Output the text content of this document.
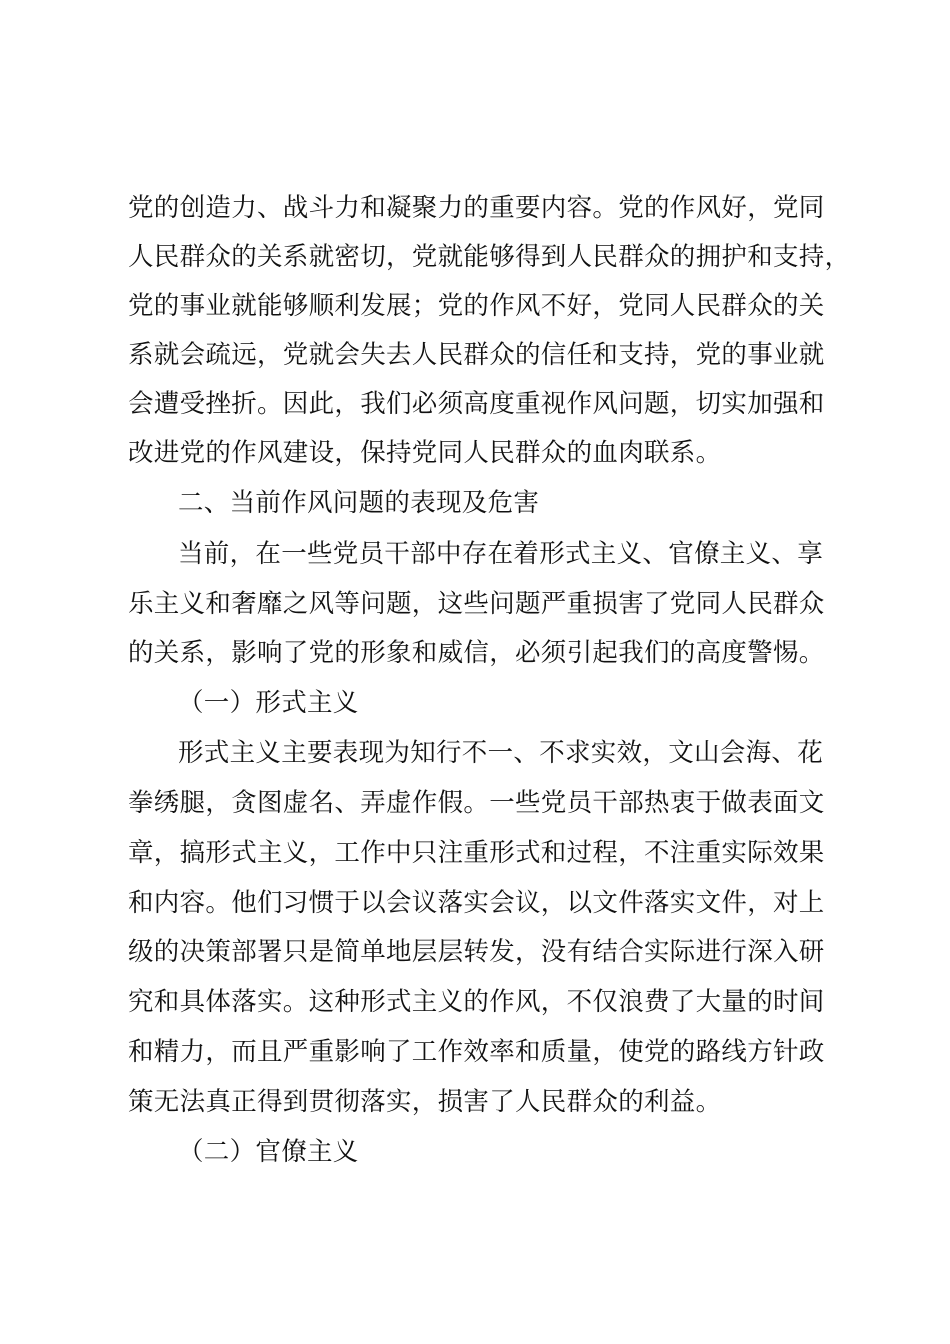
党的创造力、战斗力和凝聚力的重要内容。党的作风好，党同
人民群众的关系就密切，党就能够得到人民群众的拥护和支持，
党的事业就能够顺利发展；党的作风不好，党同人民群众的关
系就会疏远，党就会失去人民群众的信任和支持，党的事业就
会遭受挫折。因此，我们必须高度重视作风问题，切实加强和
改进党的作风建设，保持党同人民群众的血肉联系。
二、当前作风问题的表现及危害
当前，在一些党员干部中存在着形式主义、官僚主义、享
乐主义和奢靡之风等问题，这些问题严重损害了党同人民群众
的关系，影响了党的形象和威信，必须引起我们的高度警惕。
（一）形式主义
形式主义主要表现为知行不一、不求实效，文山会海、花
拳绣腿，贪图虚名、弄虚作假。一些党员干部热衷于做表面文
章，搞形式主义，工作中只注重形式和过程，不注重实际效果
和内容。他们习惯于以会议落实会议，以文件落实文件，对上
级的决策部署只是简单地层层转发，没有结合实际进行深入研
究和具体落实。这种形式主义的作风，不仅浪费了大量的时间
和精力，而且严重影响了工作效率和质量，使党的路线方针政
策无法真正得到贯彻落实，损害了人民群众的利益。
（二）官僚主义
